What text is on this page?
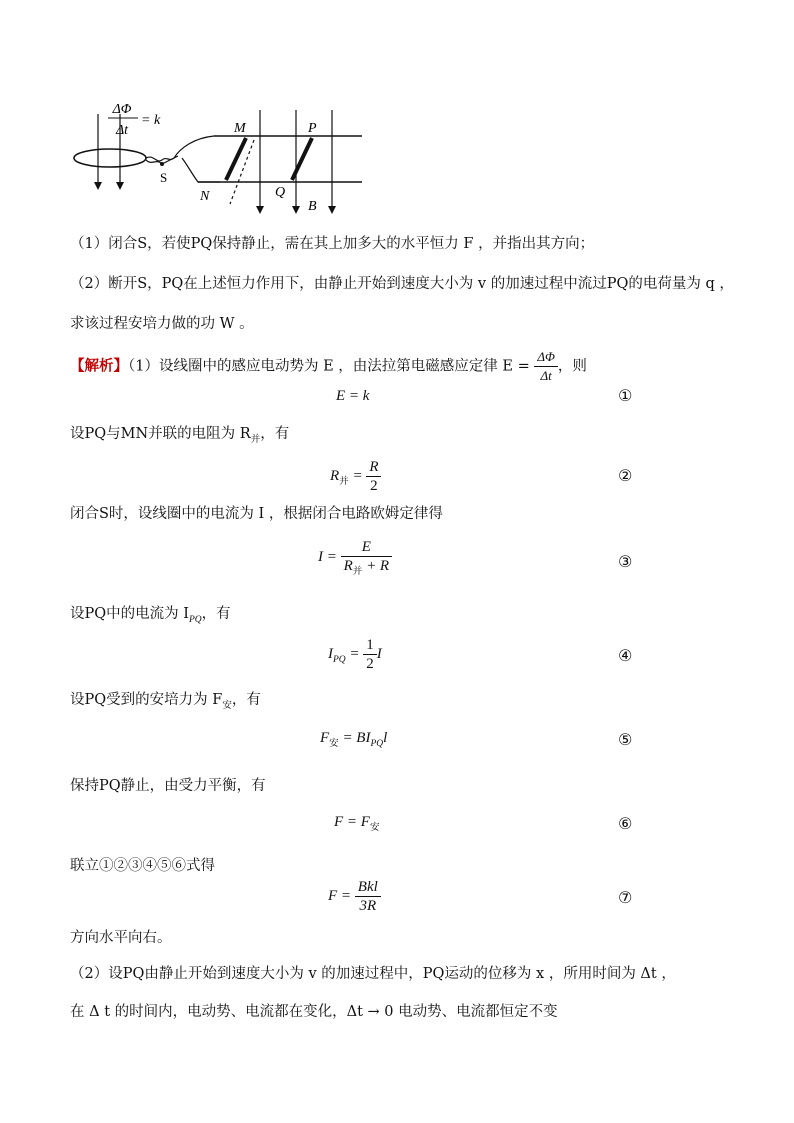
ΔΦ
Δt
= k
S
M	P
N	Q
B
（1）闭合S，若使PQ保持静止，需在其上加多大的水平恒力 F ，并指出其方向；
（2）断开S，PQ在上述恒力作用下，由静止开始到速度大小为 v 的加速过程中流过PQ的电荷量为 q ，
求该过程安培力做的功 W 。
【解析】（1）设线圈中的感应电动势为 E ，由法拉第电磁感应定律 $E = \frac{\Delta\Phi}{\Delta t}$ ，则
E = k	①
设PQ与MN并联的电阻为 $R_并$，有
$R_并 = \frac{R}{2}$	②
闭合S时，设线圈中的电流为 I ，根据闭合电路欧姆定律得
$I = \frac{E}{R_并 + R}$	③
设PQ中的电流为 $I_{PQ}$，有
$I_{PQ} = \frac{1}{2}$ I	④
设PQ受到的安培力为 $F_安$，有
$F_安 = BI_{PQ}l$	⑤
保持PQ静止，由受力平衡，有
$F = F_安$	⑥
联立①②③④⑤⑥式得
$F = \frac{\text{Bkl}}{3R}$	⑦
方向水平向右。
（2）设PQ由静止开始到速度大小为 v 的加速过程中，PQ运动的位移为 x ，所用时间为 Δt ，
在 Δ t 的时间内，电动势、电流都在变化，Δt → 0 电动势、电流都恒定不变
